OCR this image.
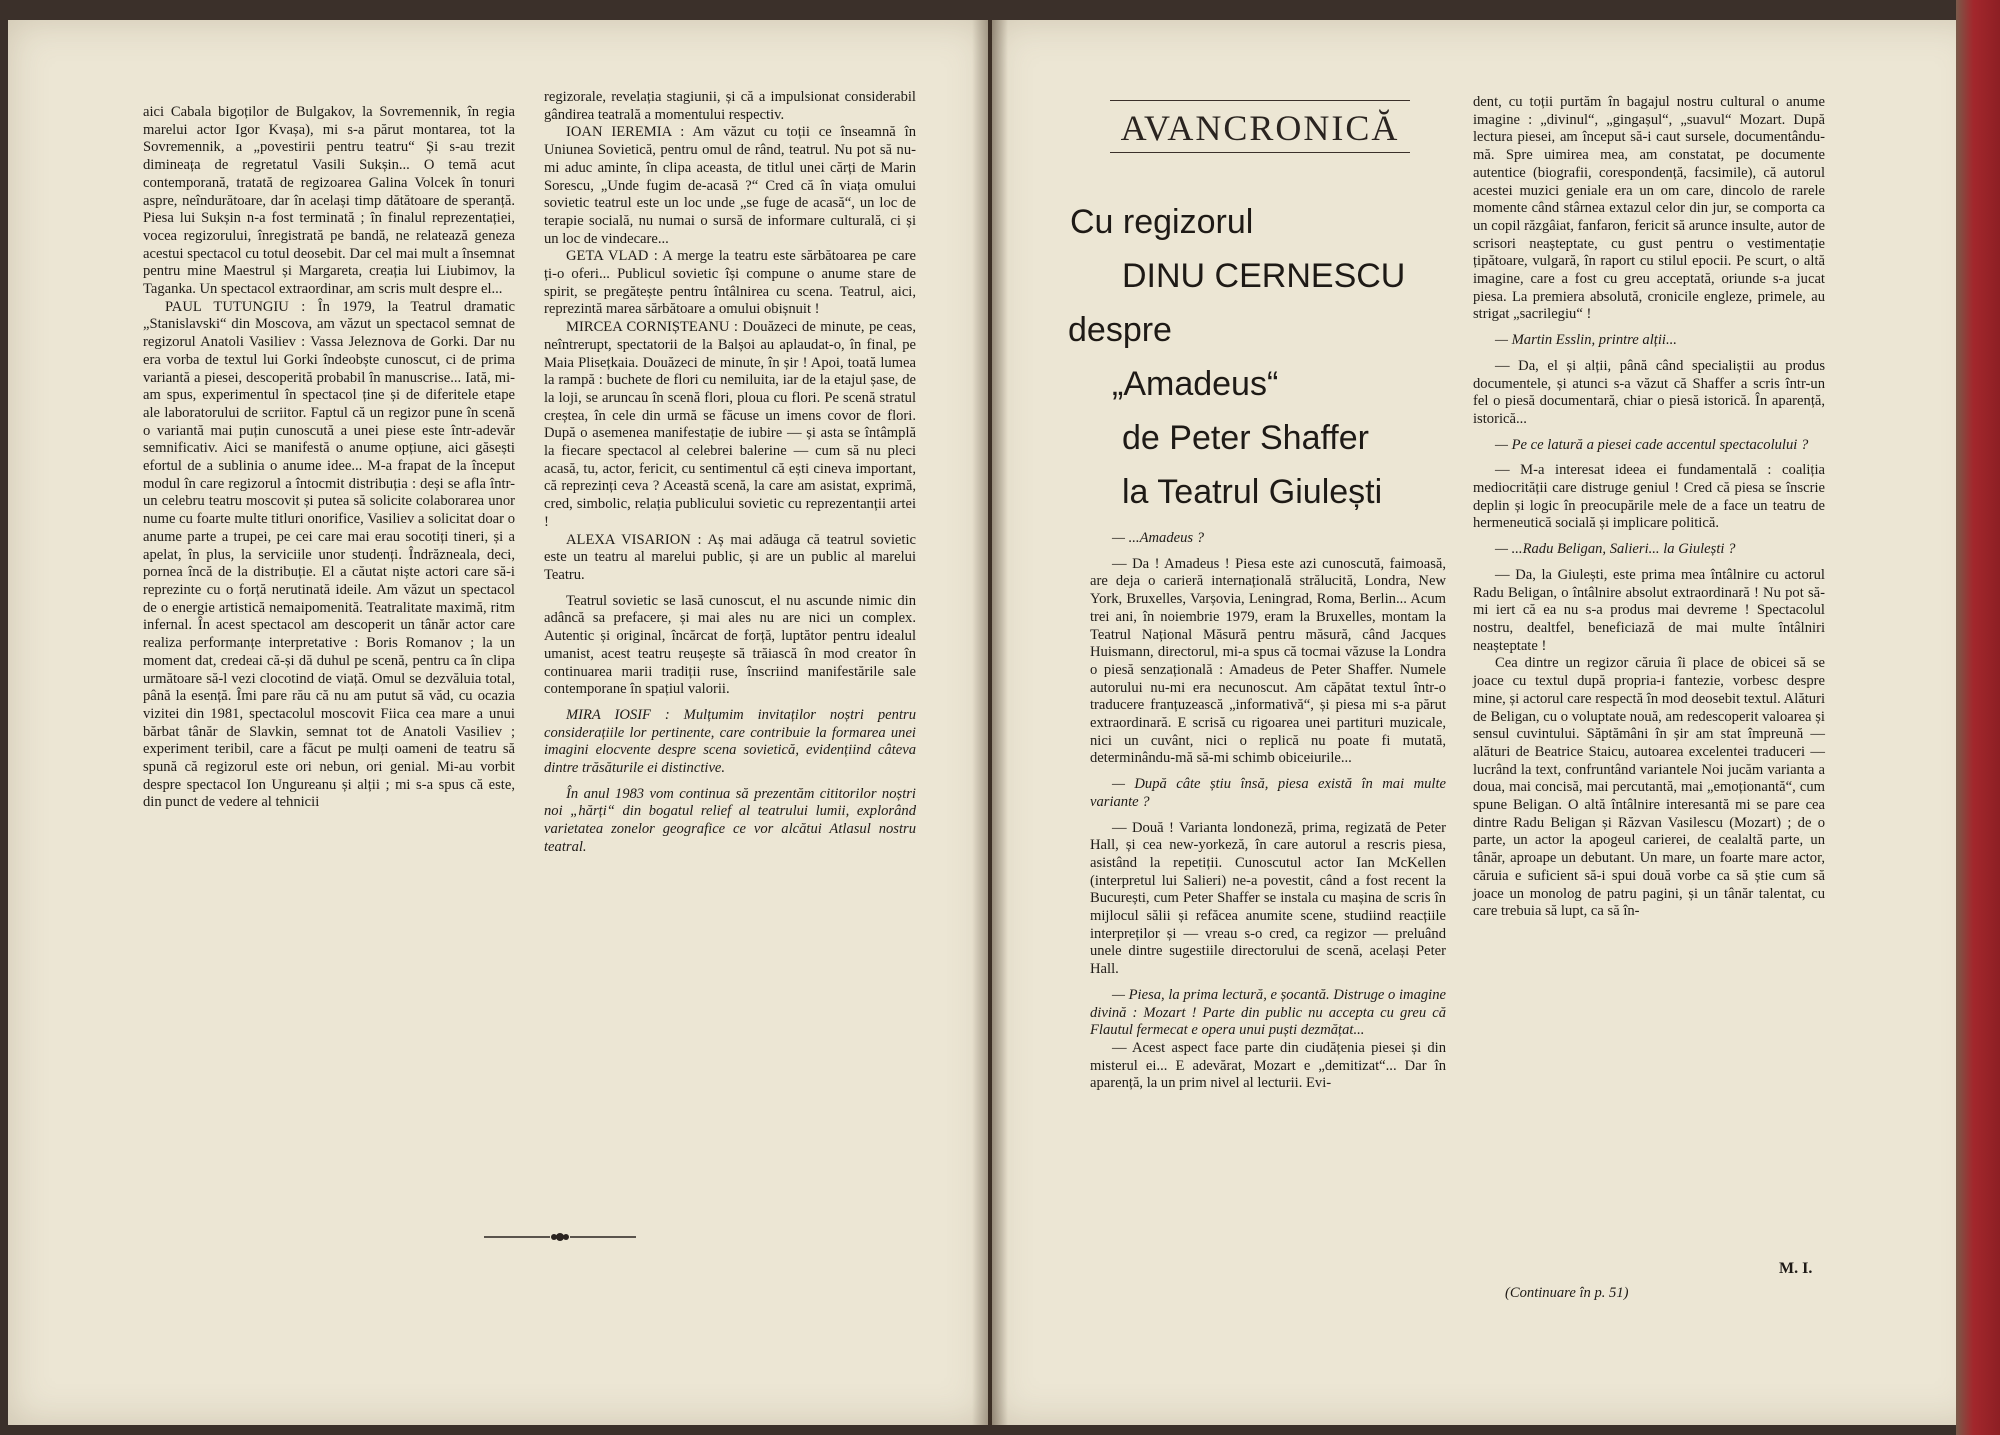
aici Cabala bigoților de Bulgakov, la Sovremennik, în regia marelui actor Igor Kvașa), mi s-a părut montarea, tot la Sovremennik, a „povestirii pentru teatru“ Și s-au trezit dimineața de regretatul Vasili Sukșin... O temă acut contemporană, tratată de regizoarea Galina Volcek în tonuri aspre, neîndurătoare, dar în același timp dătătoare de speranță. Piesa lui Sukșin n-a fost terminată ; în finalul reprezentației, vocea regizorului, înregistrată pe bandă, ne relatează geneza acestui spectacol cu totul deosebit. Dar cel mai mult a însemnat pentru mine Maestrul și Margareta, creația lui Liubimov, la Taganka. Un spectacol extraordinar, am scris mult despre el...

PAUL TUTUNGIU : În 1979, la Teatrul dramatic „Stanislavski“ din Moscova, am văzut un spectacol semnat de regizorul Anatoli Vasiliev : Vassa Jeleznova de Gorki. Dar nu era vorba de textul lui Gorki îndeobște cunoscut, ci de prima variantă a piesei, descoperită probabil în manuscrise... Iată, mi-am spus, experimentul în spectacol ține și de diferitele etape ale laboratorului de scriitor. Faptul că un regizor pune în scenă o variantă mai puțin cunoscută a unei piese este într-adevăr semnificativ. Aici se manifestă o anume opțiune, aici găsești efortul de a sublinia o anume idee... M-a frapat de la început modul în care regizorul a întocmit distribuția : deși se afla într-un celebru teatru moscovit și putea să solicite colaborarea unor nume cu foarte multe titluri onorifice, Vasiliev a solicitat doar o anume parte a trupei, pe cei care mai erau socotiți tineri, și a apelat, în plus, la serviciile unor studenți. Îndrăzneala, deci, pornea încă de la distribuție. El a căutat niște actori care să-i reprezinte cu o forță nerutinată ideile. Am văzut un spectacol de o energie artistică nemaipomenită. Teatralitate maximă, ritm infernal. În acest spectacol am descoperit un tânăr actor care realiza performanțe interpretative : Boris Romanov ; la un moment dat, credeai că-și dă duhul pe scenă, pentru ca în clipa următoare să-l vezi clocotind de viață. Omul se dezvăluia total, până la esență. Îmi pare rău că nu am putut să văd, cu ocazia vizitei din 1981, spectacolul moscovit Fiica cea mare a unui bărbat tânăr de Slavkin, semnat tot de Anatoli Vasiliev ; experiment teribil, care a făcut pe mulți oameni de teatru să spună că regizorul este ori nebun, ori genial. Mi-au vorbit despre spectacol Ion Ungureanu și alții ; mi s-a spus că este, din punct de vedere al tehnicii

regizorale, revelația stagiunii, și că a impulsionat considerabil gândirea teatrală a momentului respectiv.

IOAN IEREMIA : Am văzut cu toții ce înseamnă în Uniunea Sovietică, pentru omul de rând, teatrul. Nu pot să nu-mi aduc aminte, în clipa aceasta, de titlul unei cărți de Marin Sorescu, „Unde fugim de-acasă ?“ Cred că în viața omului sovietic teatrul este un loc unde „se fuge de acasă“, un loc de terapie socială, nu numai o sursă de informare culturală, ci și un loc de vindecare...

GETA VLAD : A merge la teatru este sărbătoarea pe care ți-o oferi... Publicul sovietic își compune o anume stare de spirit, se pregătește pentru întâlnirea cu scena. Teatrul, aici, reprezintă marea sărbătoare a omului obișnuit !

MIRCEA CORNIȘTEANU : Douăzeci de minute, pe ceas, neîntrerupt, spectatorii de la Balșoi au aplaudat-o, în final, pe Maia Plisețkaia. Douăzeci de minute, în șir ! Apoi, toată lumea la rampă : buchete de flori cu nemiluita, iar de la etajul șase, de la loji, se aruncau în scenă flori, ploua cu flori. Pe scenă stratul creștea, în cele din urmă se făcuse un imens covor de flori. După o asemenea manifestație de iubire — și asta se întâmplă la fiecare spectacol al celebrei balerine — cum să nu pleci acasă, tu, actor, fericit, cu sentimentul că ești cineva important, că reprezinți ceva ? Această scenă, la care am asistat, exprimă, cred, simbolic, relația publicului sovietic cu reprezentanții artei !

ALEXA VISARION : Aș mai adăuga că teatrul sovietic este un teatru al marelui public, și are un public al marelui Teatru.

Teatrul sovietic se lasă cunoscut, el nu ascunde nimic din adâncă sa prefacere, și mai ales nu are nici un complex. Autentic și original, încărcat de forță, luptător pentru idealul umanist, acest teatru reușește să trăiască în mod creator în continuarea marii tradiții ruse, înscriind manifestările sale contemporane în spațiul valorii.

MIRA IOSIF : Mulțumim invitaților noștri pentru considerațiile lor pertinente, care contribuie la formarea unei imagini elocvente despre scena sovietică, evidențiind câteva dintre trăsăturile ei distinctive.

În anul 1983 vom continua să prezentăm cititorilor noștri noi „hărți“ din bogatul relief al teatrului lumii, explorând varietatea zonelor geografice ce vor alcătui Atlasul nostru teatral.

AVANCRONICĂ
Cu regizorul
DINU CERNESCU
despre
„Amadeus“
de Peter Shaffer
la Teatrul Giulești

— ...Amadeus ?

— Da ! Amadeus ! Piesa este azi cunoscută, faimoasă, are deja o carieră internațională strălucită, Londra, New York, Bruxelles, Varșovia, Leningrad, Roma, Berlin... Acum trei ani, în noiembrie 1979, eram la Bruxelles, montam la Teatrul Național Măsură pentru măsură, când Jacques Huismann, directorul, mi-a spus că tocmai văzuse la Londra o piesă senzațională : Amadeus de Peter Shaffer. Numele autorului nu-mi era necunoscut. Am căpătat textul într-o traducere franțuzească „informativă“, și piesa mi s-a părut extraordinară. E scrisă cu rigoarea unei partituri muzicale, nici un cuvânt, nici o replică nu poate fi mutată, determinându-mă să-mi schimb obiceiurile...

— După câte știu însă, piesa există în mai multe variante ?

— Două ! Varianta londoneză, prima, regizată de Peter Hall, și cea new-yorkeză, în care autorul a rescris piesa, asistând la repetiții. Cunoscutul actor Ian McKellen (interpretul lui Salieri) ne-a povestit, când a fost recent la București, cum Peter Shaffer se instala cu mașina de scris în mijlocul sălii și refăcea anumite scene, studiind reacțiile interpreților și — vreau s-o cred, ca regizor — preluând unele dintre sugestiile directorului de scenă, același Peter Hall.

— Piesa, la prima lectură, e șocantă. Distruge o imagine divină : Mozart ! Parte din public nu accepta cu greu că Flautul fermecat e opera unui puști dezmățat...

— Acest aspect face parte din ciudățenia piesei și din misterul ei... E adevărat, Mozart e „demitizat“... Dar în aparență, la un prim nivel al lecturii. Evi-

dent, cu toții purtăm în bagajul nostru cultural o anume imagine : „divinul“, „gingașul“, „suavul“ Mozart. După lectura piesei, am început să-i caut sursele, documentându-mă. Spre uimirea mea, am constatat, pe documente autentice (biografii, corespondență, facsimile), că autorul acestei muzici geniale era un om care, dincolo de rarele momente când stârnea extazul celor din jur, se comporta ca un copil răzgâiat, fanfaron, fericit să arunce insulte, autor de scrisori neașteptate, cu gust pentru o vestimentație țipătoare, vulgară, în raport cu stilul epocii. Pe scurt, o altă imagine, care a fost cu greu acceptată, oriunde s-a jucat piesa. La premiera absolută, cronicile engleze, primele, au strigat „sacrilegiu“ !

— Martin Esslin, printre alții...

— Da, el și alții, până când specialiștii au produs documentele, și atunci s-a văzut că Shaffer a scris într-un fel o piesă documentară, chiar o piesă istorică. În aparență, istorică...

— Pe ce latură a piesei cade accentul spectacolului ?

— M-a interesat ideea ei fundamentală : coaliția mediocrității care distruge geniul ! Cred că piesa se înscrie deplin și logic în preocupările mele de a face un teatru de hermeneutică socială și implicare politică.

— ...Radu Beligan, Salieri... la Giulești ?

— Da, la Giulești, este prima mea întâlnire cu actorul Radu Beligan, o întâlnire absolut extraordinară ! Nu pot să-mi iert că ea nu s-a produs mai devreme ! Spectacolul nostru, dealtfel, beneficiază de mai multe întâlniri neașteptate !

Cea dintre un regizor căruia îi place de obicei să se joace cu textul după propria-i fantezie, vorbesc despre mine, și actorul care respectă în mod deosebit textul. Alături de Beligan, cu o voluptate nouă, am redescoperit valoarea și sensul cuvintului. Săptămâni în șir am stat împreună — alături de Beatrice Staicu, autoarea excelentei traduceri — lucrând la text, confruntând variantele Noi jucăm varianta a doua, mai concisă, mai percutantă, mai „emoționantă“, cum spune Beligan. O altă întâlnire interesantă mi se pare cea dintre Radu Beligan și Răzvan Vasilescu (Mozart) ; de o parte, un actor la apogeul carierei, de cealaltă parte, un tânăr, aproape un debutant. Un mare, un foarte mare actor, căruia e suficient să-i spui două vorbe ca să știe cum să joace un monolog de patru pagini, și un tânăr talentat, cu care trebuia să lupt, ca să în-

M. I.
(Continuare în p. 51)
